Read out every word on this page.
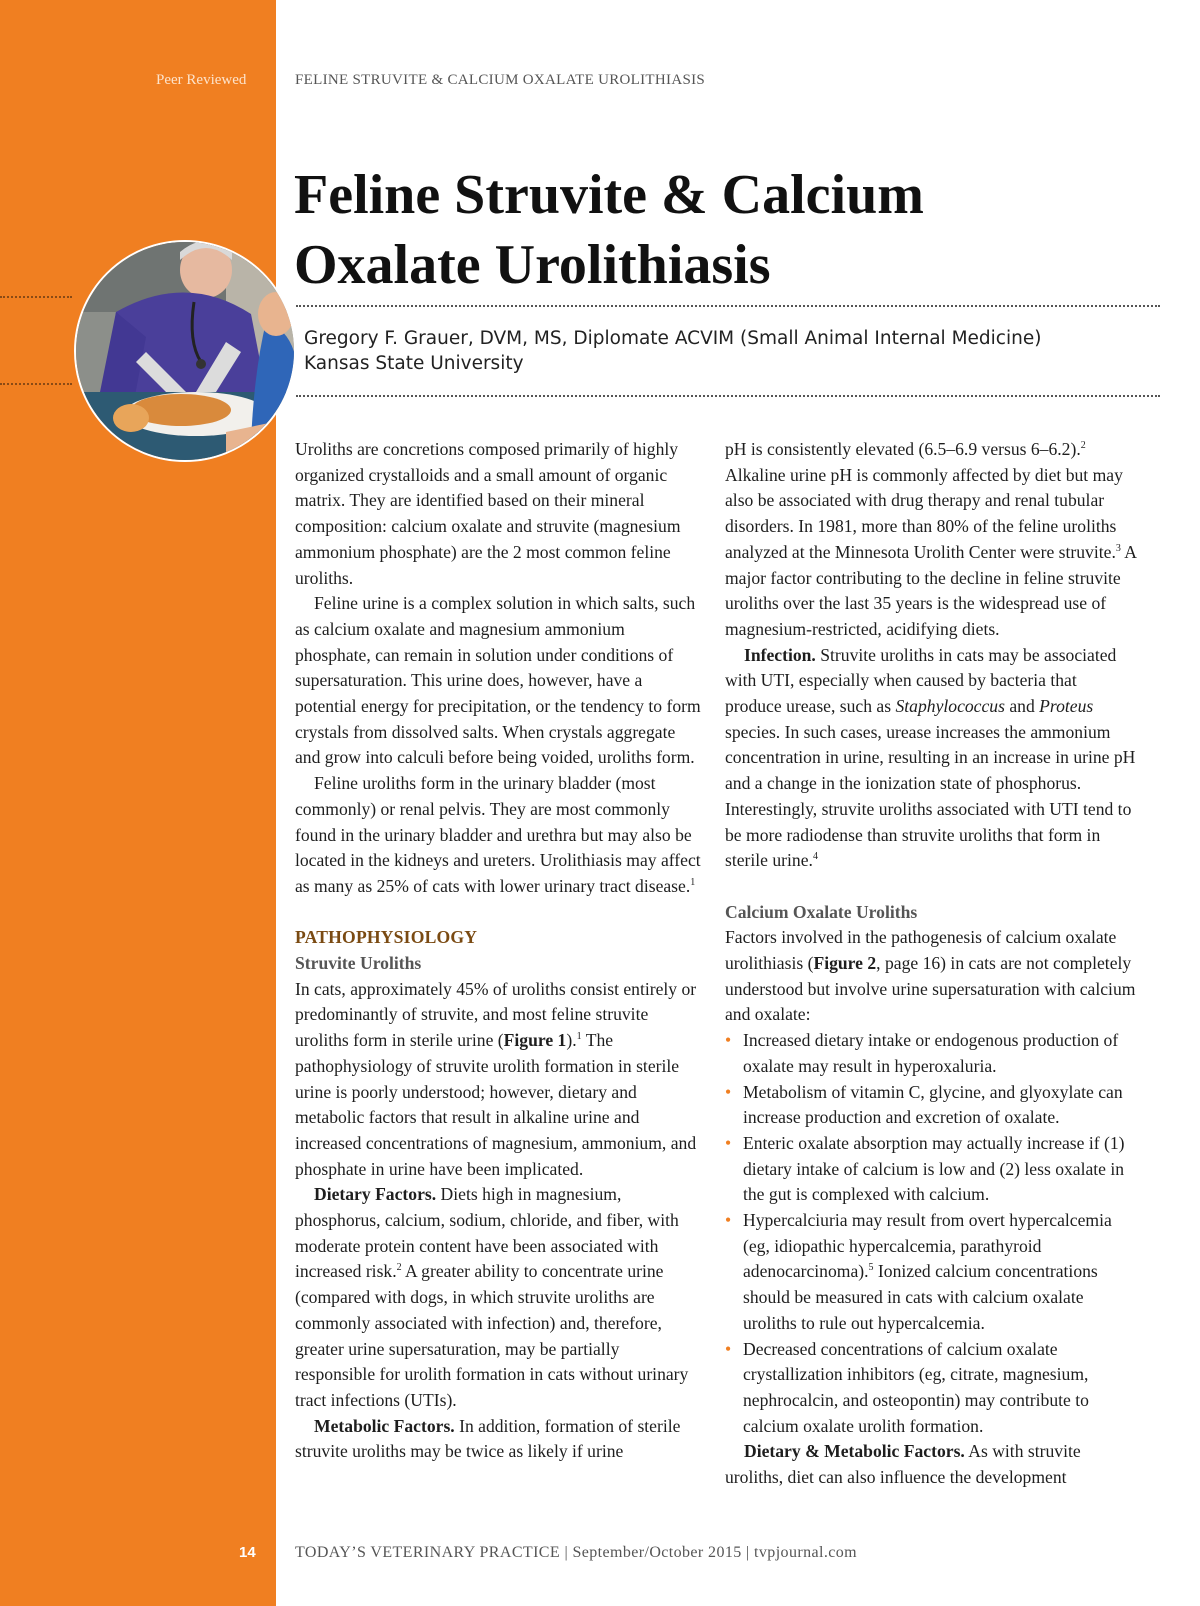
Peer Reviewed
14
FELINE STRUVITE & CALCIUM OXALATE UROLITHIASIS
Feline Struvite & Calcium
Oxalate Urolithiasis
Gregory F. Grauer, DVM, MS, Diplomate ACVIM (Small Animal Internal Medicine)
Kansas State University

Uroliths are concretions composed primarily of highly organized crystalloids and a small amount of organic matrix. They are identified based on their mineral composition: calcium oxalate and struvite (magnesium ammonium phosphate) are the 2 most common feline uroliths.

Feline urine is a complex solution in which salts, such as calcium oxalate and magnesium ammonium phosphate, can remain in solution under conditions of supersaturation. This urine does, however, have a potential energy for precipitation, or the tendency to form crystals from dissolved salts. When crystals aggregate and grow into calculi before being voided, uroliths form.

Feline uroliths form in the urinary bladder (most commonly) or renal pelvis. They are most commonly found in the urinary bladder and urethra but may also be located in the kidneys and ureters. Urolithiasis may affect as many as 25% of cats with lower urinary tract disease.$^1$

PATHOPHYSIOLOGY

Struvite Uroliths

In cats, approximately 45% of uroliths consist entirely or predominantly of struvite, and most feline struvite uroliths form in sterile urine (Figure 1).$^1$ The pathophysiology of struvite urolith formation in sterile urine is poorly understood; however, dietary and metabolic factors that result in alkaline urine and increased concentrations of magnesium, ammonium, and phosphate in urine have been implicated.

Dietary Factors. Diets high in magnesium, phosphorus, calcium, sodium, chloride, and fiber, with moderate protein content have been associated with increased risk.$^2$ A greater ability to concentrate urine (compared with dogs, in which struvite uroliths are commonly associated with infection) and, therefore, greater urine supersaturation, may be partially responsible for urolith formation in cats without urinary tract infections (UTIs).

Metabolic Factors. In addition, formation of sterile struvite uroliths may be twice as likely if urine

pH is consistently elevated (6.5–6.9 versus 6–6.2).$^2$ Alkaline urine pH is commonly affected by diet but may also be associated with drug therapy and renal tubular disorders. In 1981, more than 80% of the feline uroliths analyzed at the Minnesota Urolith Center were struvite.$^3$ A major factor contributing to the decline in feline struvite uroliths over the last 35 years is the widespread use of magnesium-restricted, acidifying diets.

Infection. Struvite uroliths in cats may be associated with UTI, especially when caused by bacteria that produce urease, such as Staphylococcus and Proteus species. In such cases, urease increases the ammonium concentration in urine, resulting in an increase in urine pH and a change in the ionization state of phosphorus. Interestingly, struvite uroliths associated with UTI tend to be more radiodense than struvite uroliths that form in sterile urine.$^4$

Calcium Oxalate Uroliths

Factors involved in the pathogenesis of calcium oxalate urolithiasis (Figure 2, page 16) in cats are not completely understood but involve urine supersaturation with calcium and oxalate:

• Increased dietary intake or endogenous production of oxalate may result in hyperoxaluria.

• Metabolism of vitamin C, glycine, and glyoxylate can increase production and excretion of oxalate.

• Enteric oxalate absorption may actually increase if (1) dietary intake of calcium is low and (2) less oxalate in the gut is complexed with calcium.

• Hypercalciuria may result from overt hypercalcemia (eg, idiopathic hypercalcemia, parathyroid adenocarcinoma).$^5$ Ionized calcium concentrations should be measured in cats with calcium oxalate uroliths to rule out hypercalcemia.

• Decreased concentrations of calcium oxalate crystallization inhibitors (eg, citrate, magnesium, nephrocalcin, and osteopontin) may contribute to calcium oxalate urolith formation.

Dietary & Metabolic Factors. As with struvite uroliths, diet can also influence the development

TODAY’S VETERINARY PRACTICE | September/October 2015 | tvpjournal.com
